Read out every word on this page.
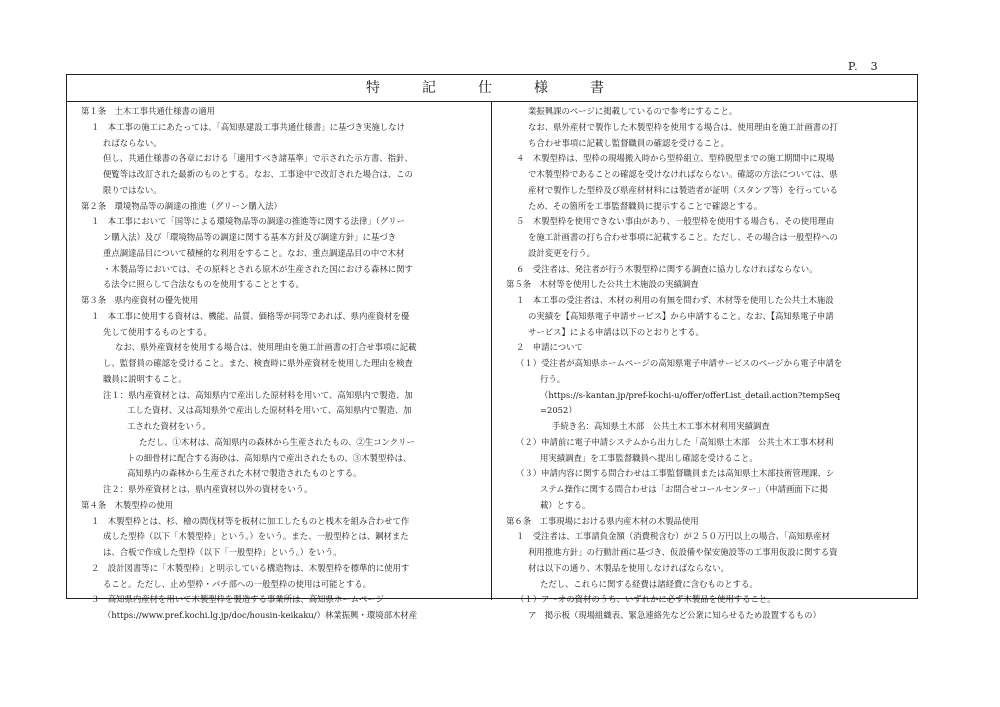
P.　3
特　記　仕　様　書
第１条　土木工事共通仕様書の適用
１　本工事の施工にあたっては、「高知県建設工事共通仕様書」に基づき実施しなけ
ればならない。
但し、共通仕様書の各章における「適用すべき諸基準」で示された示方書、指針、
便覧等は改訂された最新のものとする。なお、工事途中で改訂された場合は、この
限りではない。
第２条　環境物品等の調達の推進（グリーン購入法）
１　本工事において「国等による環境物品等の調達の推進等に関する法律」（グリー
ン購入法）及び「環境物品等の調達に関する基本方針及び調達方針」に基づき
重点調達品目について積極的な利用をすること。なお、重点調達品目の中で木材
・木製品等においては、その原料とされる原木が生産された国における森林に関す
る法令に照らして合法なものを使用することとする。
第３条　県内産資材の優先使用
１　本工事に使用する資材は、機能、品質、価格等が同等であれば、県内産資材を優
先して使用するものとする。
なお、県外産資材を使用する場合は、使用理由を施工計画書の打合せ事項に記載
し、監督員の確認を受けること。また、検査時に県外産資材を使用した理由を検査
職員に説明すること。
注１：県内産資材とは、高知県内で産出した原材料を用いて、高知県内で製造、加
工した資材、又は高知県外で産出した原材料を用いて、高知県内で製造、加
工された資材をいう。
ただし、①木材は、高知県内の森林から生産されたもの、②生コンクリー
トの細骨材に配合する海砂は、高知県内で産出されたもの、③木製型枠は、
高知県内の森林から生産された木材で製造されたものとする。
注２：県外産資材とは、県内産資材以外の資材をいう。
第４条　木製型枠の使用
１　木製型枠とは、杉、檜の間伐材等を板材に加工したものと桟木を組み合わせて作
成した型枠（以下「木製型枠」という。）をいう。また、一般型枠とは、鋼材また
は、合板で作成した型枠（以下「一般型枠」という。）をいう。
２　設計図書等に「木製型枠」と明示している構造物は、木製型枠を標準的に使用す
ること。ただし、止め型枠・パチ部への一般型枠の使用は可能とする。
３　高知県内産材を用いて木製型枠を製造する事業所は、高知県ホームページ
（https://www.pref.kochi.lg.jp/doc/housin-keikaku/）林業振興・環境部木材産
業振興課のページに掲載しているので参考にすること。
なお、県外産材で製作した木製型枠を使用する場合は、使用理由を施工計画書の打
ち合わせ事項に記載し監督職員の確認を受けること。
４　木製型枠は、型枠の現場搬入時から型枠組立、型枠脱型までの施工期間中に現場
で木製型枠であることの確認を受けなければならない。確認の方法については、県
産材で製作した型枠及び県産材材料には製造者が証明（スタンプ等）を行っている
ため、その箇所を工事監督職員に提示することで確認とする。
５　木製型枠を使用できない事由があり、一般型枠を使用する場合も、その使用理由
を施工計画書の打ち合わせ事項に記載すること。ただし、その場合は一般型枠への
設計変更を行う。
６　受注者は、発注者が行う木製型枠に関する調査に協力しなければならない。
第５条　木材等を使用した公共土木施設の実績調査
１　本工事の受注者は、木材の利用の有無を問わず、木材等を使用した公共土木施設
の実績を【高知県電子申請サービス】から申請すること。なお、【高知県電子申請
サービス】による申請は以下のとおりとする。
２　申請について
（１）受注者が高知県ホームページの高知県電子申請サービスのページから電子申請を
行う。
（https://s-kantan.jp/pref-kochi-u/offer/offerList_detail.action?tempSeq
=2052）
手続き名：高知県土木部　公共土木工事木材利用実績調査
（２）申請前に電子申請システムから出力した「高知県土木部　公共土木工事木材利
用実績調査」を工事監督職員へ提出し確認を受けること。
（３）申請内容に関する問合わせは工事監督職員または高知県土木部技術管理課、シ
ステム操作に関する問合わせは「お問合せコールセンター」（申請画面下に掲
載）とする。
第６条　工事現場における県内産木材の木製品使用
１　受注者は、工事請負金額（消費税含む）が２５０万円以上の場合、「高知県産材
利用推進方針」の行動計画に基づき、仮設備や保安施設等の工事用仮設に関する資
材は以下の通り、木製品を使用しなければならない。
ただし、これらに関する経費は諸経費に含むものとする。
（１）ア～オの資材のうち、いずれかに必ず木製品を使用すること。
ア　掲示板（現場組織表、緊急連絡先など公衆に知らせるため設置するもの）
